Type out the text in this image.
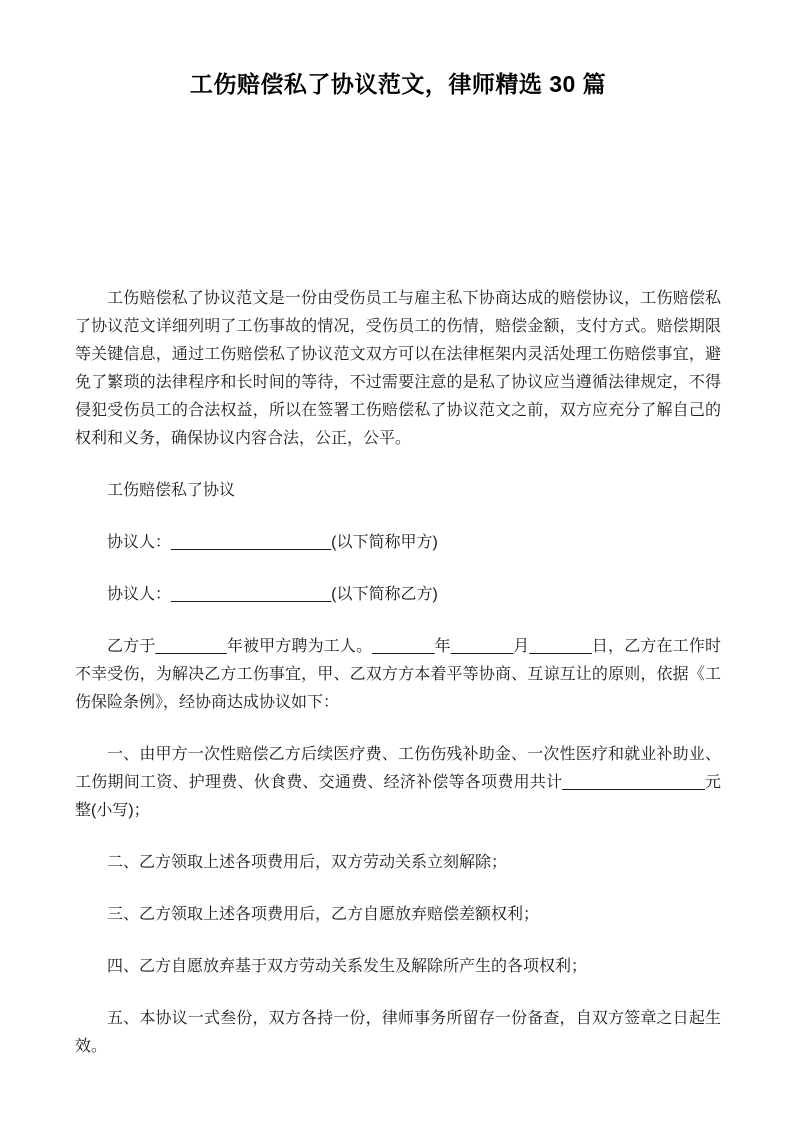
工伤赔偿私了协议范文，律师精选 30 篇

工伤赔偿私了协议范文是一份由受伤员工与雇主私下协商达成的赔偿协议，工伤赔偿私了协议范文详细列明了工伤事故的情况，受伤员工的伤情，赔偿金额，支付方式。赔偿期限等关键信息，通过工伤赔偿私了协议范文双方可以在法律框架内灵活处理工伤赔偿事宜，避免了繁琐的法律程序和长时间的等待，不过需要注意的是私了协议应当遵循法律规定，不得侵犯受伤员工的合法权益，所以在签署工伤赔偿私了协议范文之前，双方应充分了解自己的权利和义务，确保协议内容合法，公正，公平。

工伤赔偿私了协议

协议人：__________________(以下简称甲方)

协议人：__________________(以下简称乙方)

乙方于________年被甲方聘为工人。_______年_______月_______日，乙方在工作时不幸受伤，为解决乙方工伤事宜，甲、乙双方方本着平等协商、互谅互让的原则，依据《工伤保险条例》，经协商达成协议如下：

一、由甲方一次性赔偿乙方后续医疗费、工伤伤残补助金、一次性医疗和就业补助业、工伤期间工资、护理费、伙食费、交通费、经济补偿等各项费用共计________________元整(小写)；

二、乙方领取上述各项费用后，双方劳动关系立刻解除；

三、乙方领取上述各项费用后，乙方自愿放弃赔偿差额权利；

四、乙方自愿放弃基于双方劳动关系发生及解除所产生的各项权利；

五、本协议一式叁份，双方各持一份，律师事务所留存一份备查，自双方签章之日起生效。
